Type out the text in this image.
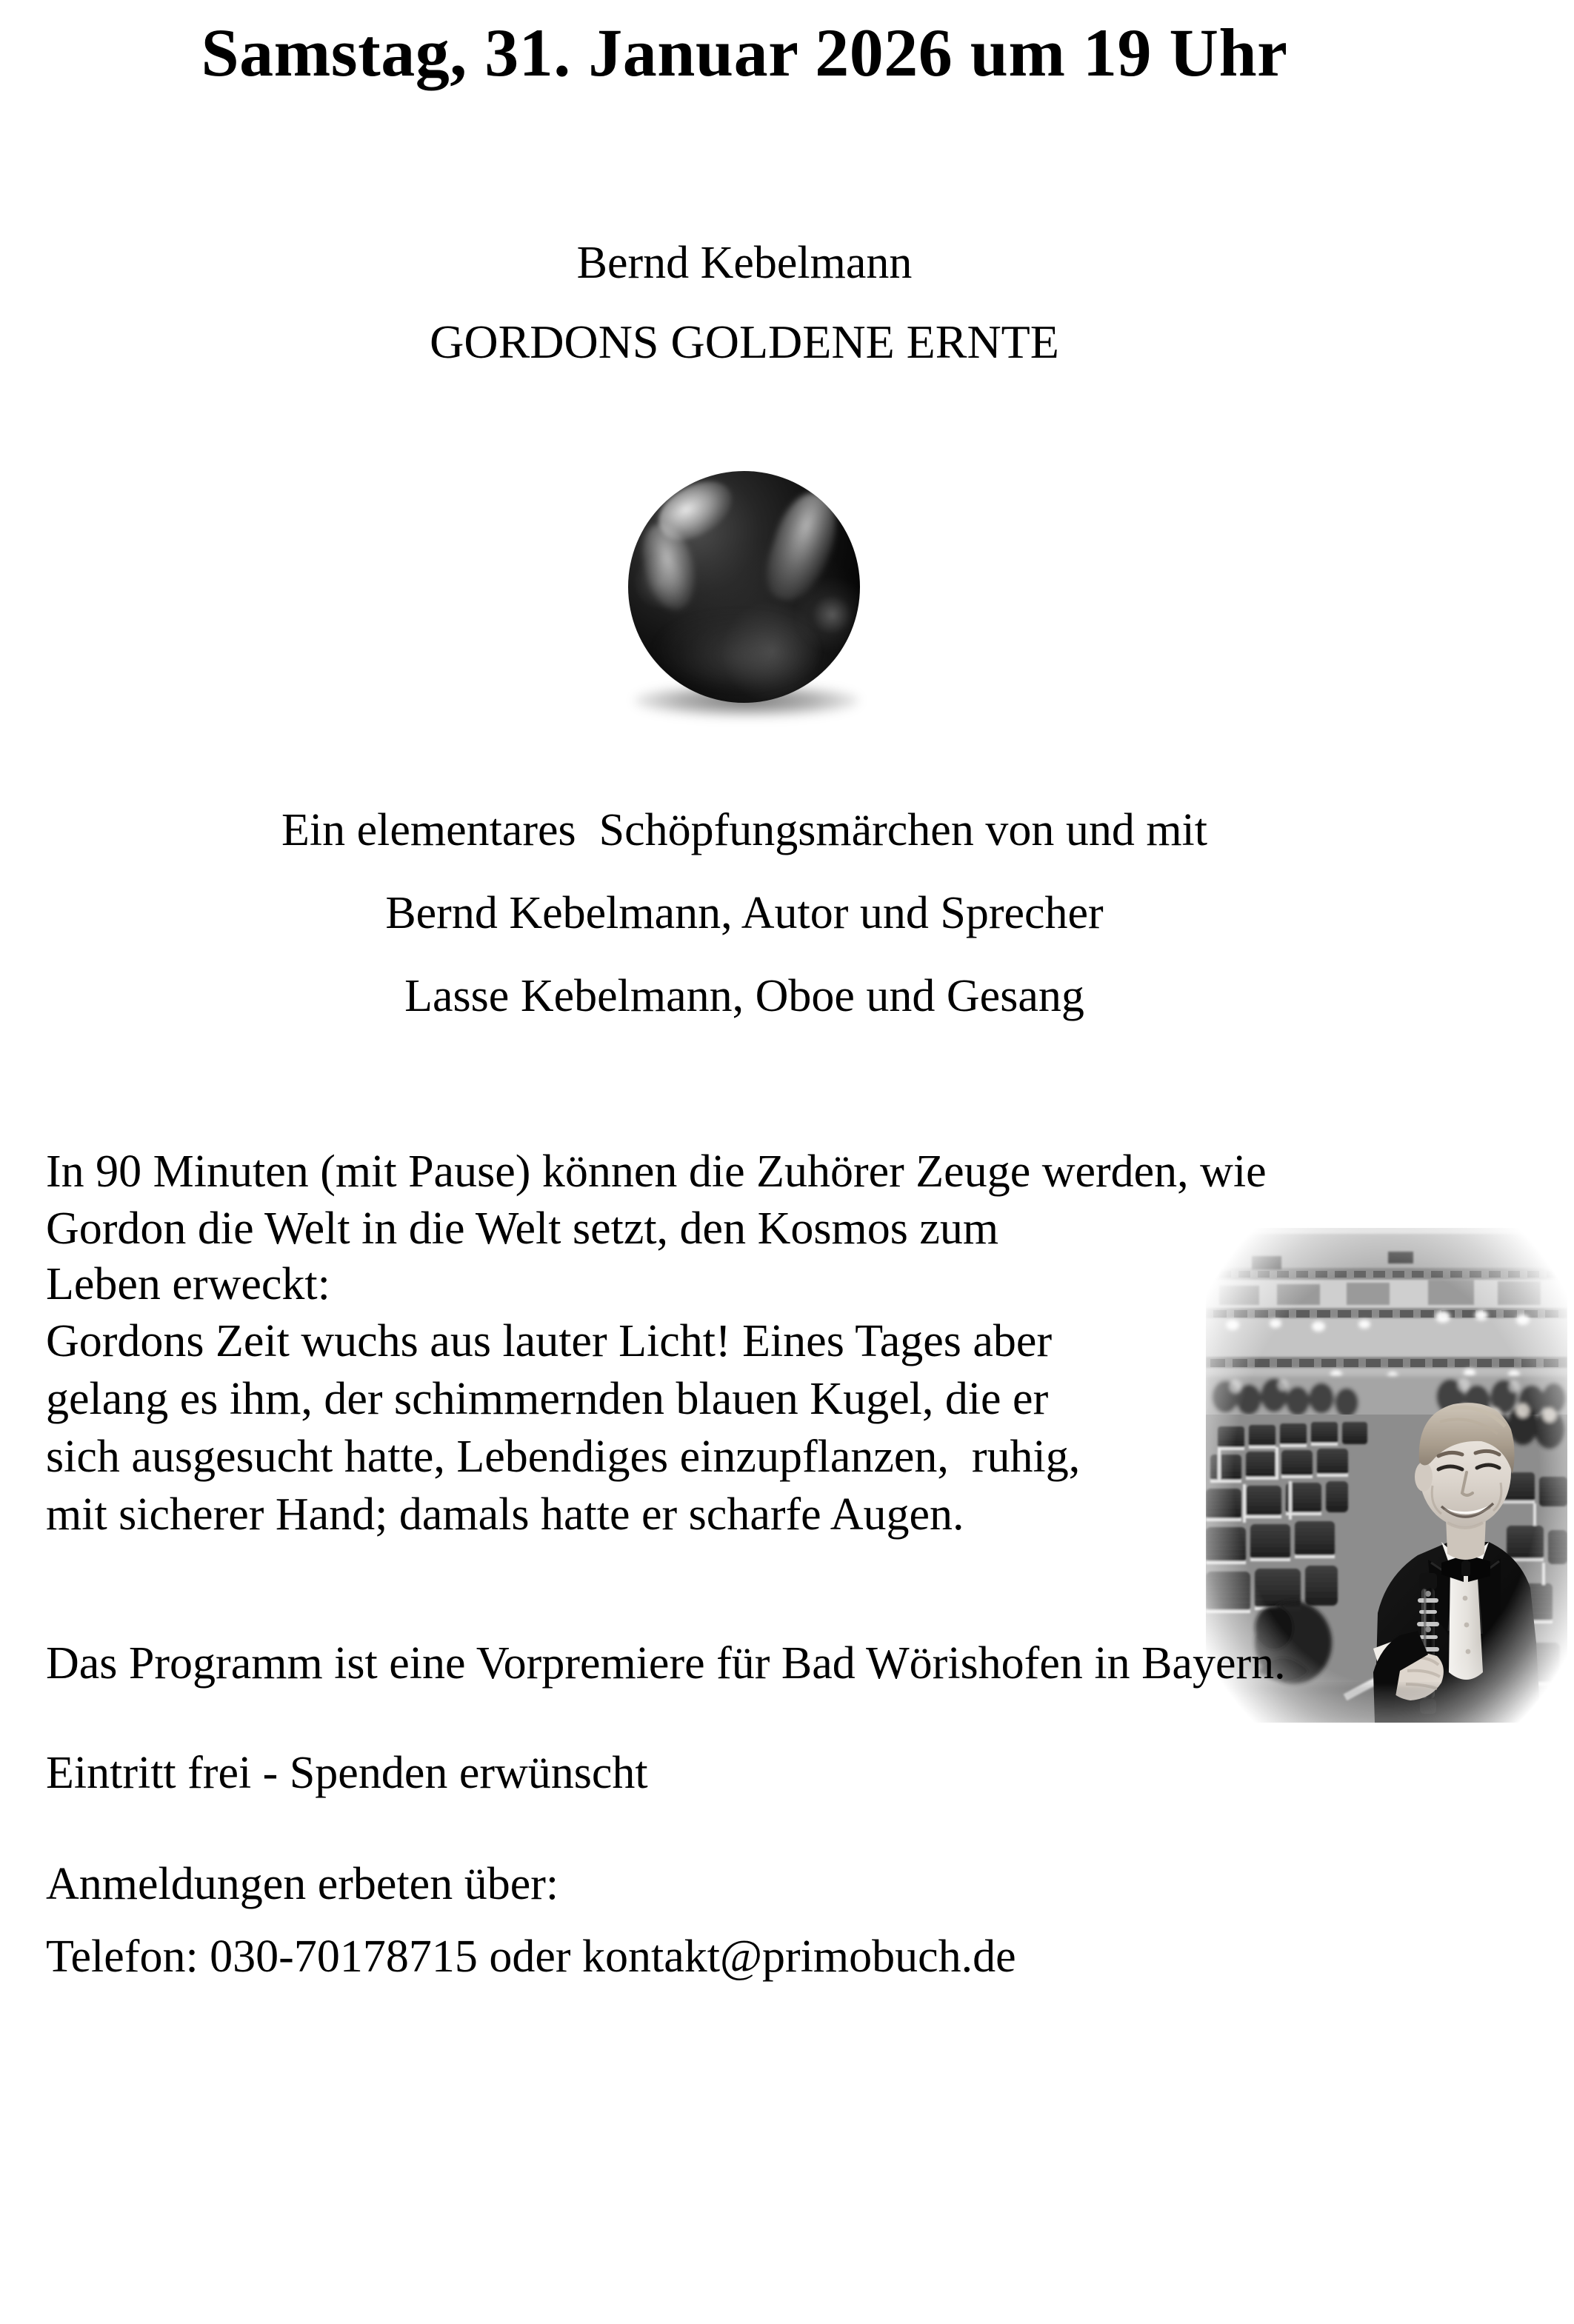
Samstag, 31. Januar 2026 um 19 Uhr
Bernd Kebelmann
GORDONS GOLDENE ERNTE
Ein elementares  Schöpfungsmärchen von und mit
Bernd Kebelmann, Autor und Sprecher
Lasse Kebelmann, Oboe und Gesang
In 90 Minuten (mit Pause) können die Zuhörer Zeuge werden, wie
Gordon die Welt in die Welt setzt, den Kosmos zum
Leben erweckt:
Gordons Zeit wuchs aus lauter Licht! Eines Tages aber
gelang es ihm, der schimmernden blauen Kugel, die er
sich ausgesucht hatte, Lebendiges einzupflanzen,  ruhig,
mit sicherer Hand; damals hatte er scharfe Augen.
Das Programm ist eine Vorpremiere für Bad Wörishofen in Bayern.
Eintritt frei - Spenden erwünscht
Anmeldungen erbeten über:
Telefon: 030-70178715 oder kontakt@primobuch.de
